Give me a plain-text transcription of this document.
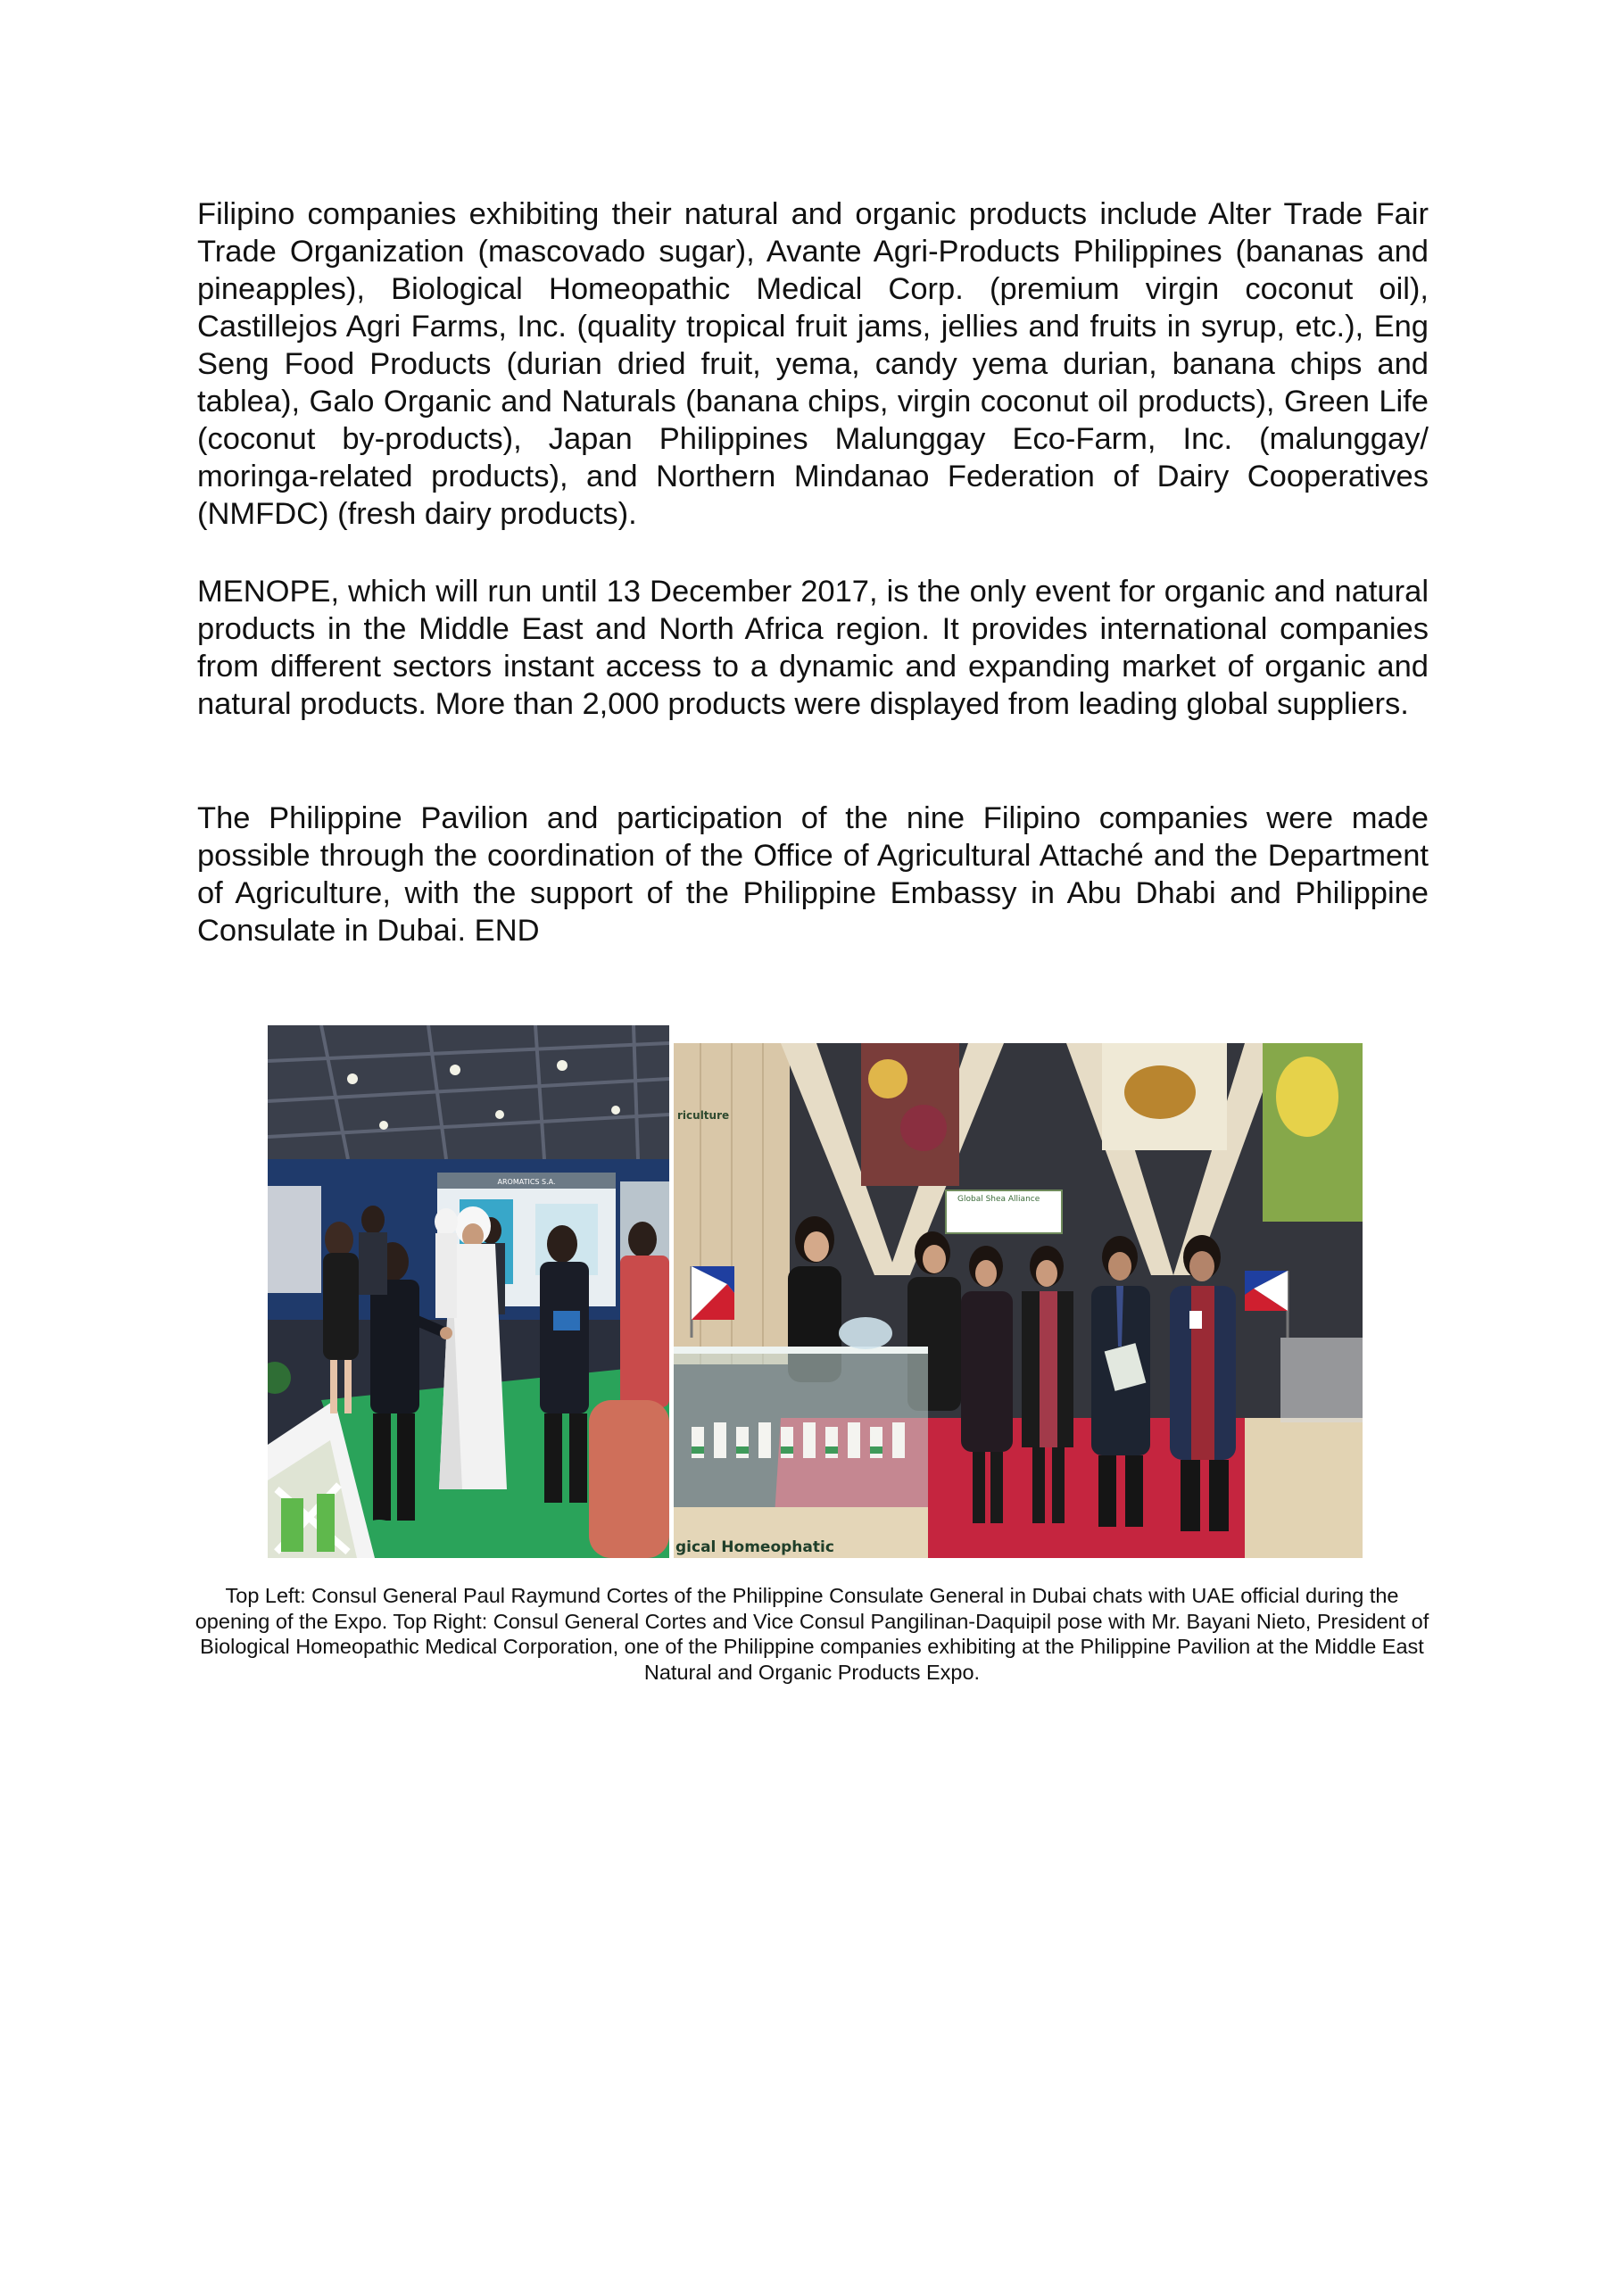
Filipino companies exhibiting their natural and organic products include Alter Trade Fair Trade Organization (mascovado sugar), Avante Agri-Products Philippines (bananas and pineapples), Biological Homeopathic Medical Corp. (premium virgin coconut oil), Castillejos Agri Farms, Inc. (quality tropical fruit jams, jellies and fruits in syrup, etc.), Eng Seng Food Products (durian dried fruit, yema, candy yema durian, banana chips and tablea), Galo Organic and Naturals (banana chips, virgin coconut oil products), Green Life (coconut by-products), Japan Philippines Malunggay Eco-Farm, Inc. (malunggay/ moringa-related products), and Northern Mindanao Federation of Dairy Cooperatives (NMFDC) (fresh dairy products).

MENOPE, which will run until 13 December 2017, is the only event for organic and natural products in the Middle East and North Africa region. It provides international companies from different sectors instant access to a dynamic and expanding market of organic and natural products. More than 2,000 products were displayed from leading global suppliers.

The Philippine Pavilion and participation of the nine Filipino companies were made possible through the coordination of the Office of Agricultural Attaché and the Department of Agriculture, with the support of the Philippine Embassy in Abu Dhabi and Philippine Consulate in Dubai. END

AROMATICS S.A.
riculture
Global Shea Alliance
gical Homeophatic

Top Left: Consul General Paul Raymund Cortes of the Philippine Consulate General in Dubai chats with UAE official during the opening of the Expo. Top Right: Consul General Cortes and Vice Consul Pangilinan-Daquipil pose with Mr. Bayani Nieto, President of Biological Homeopathic Medical Corporation, one of the Philippine companies exhibiting at the Philippine Pavilion at the Middle East Natural and Organic Products Expo.
